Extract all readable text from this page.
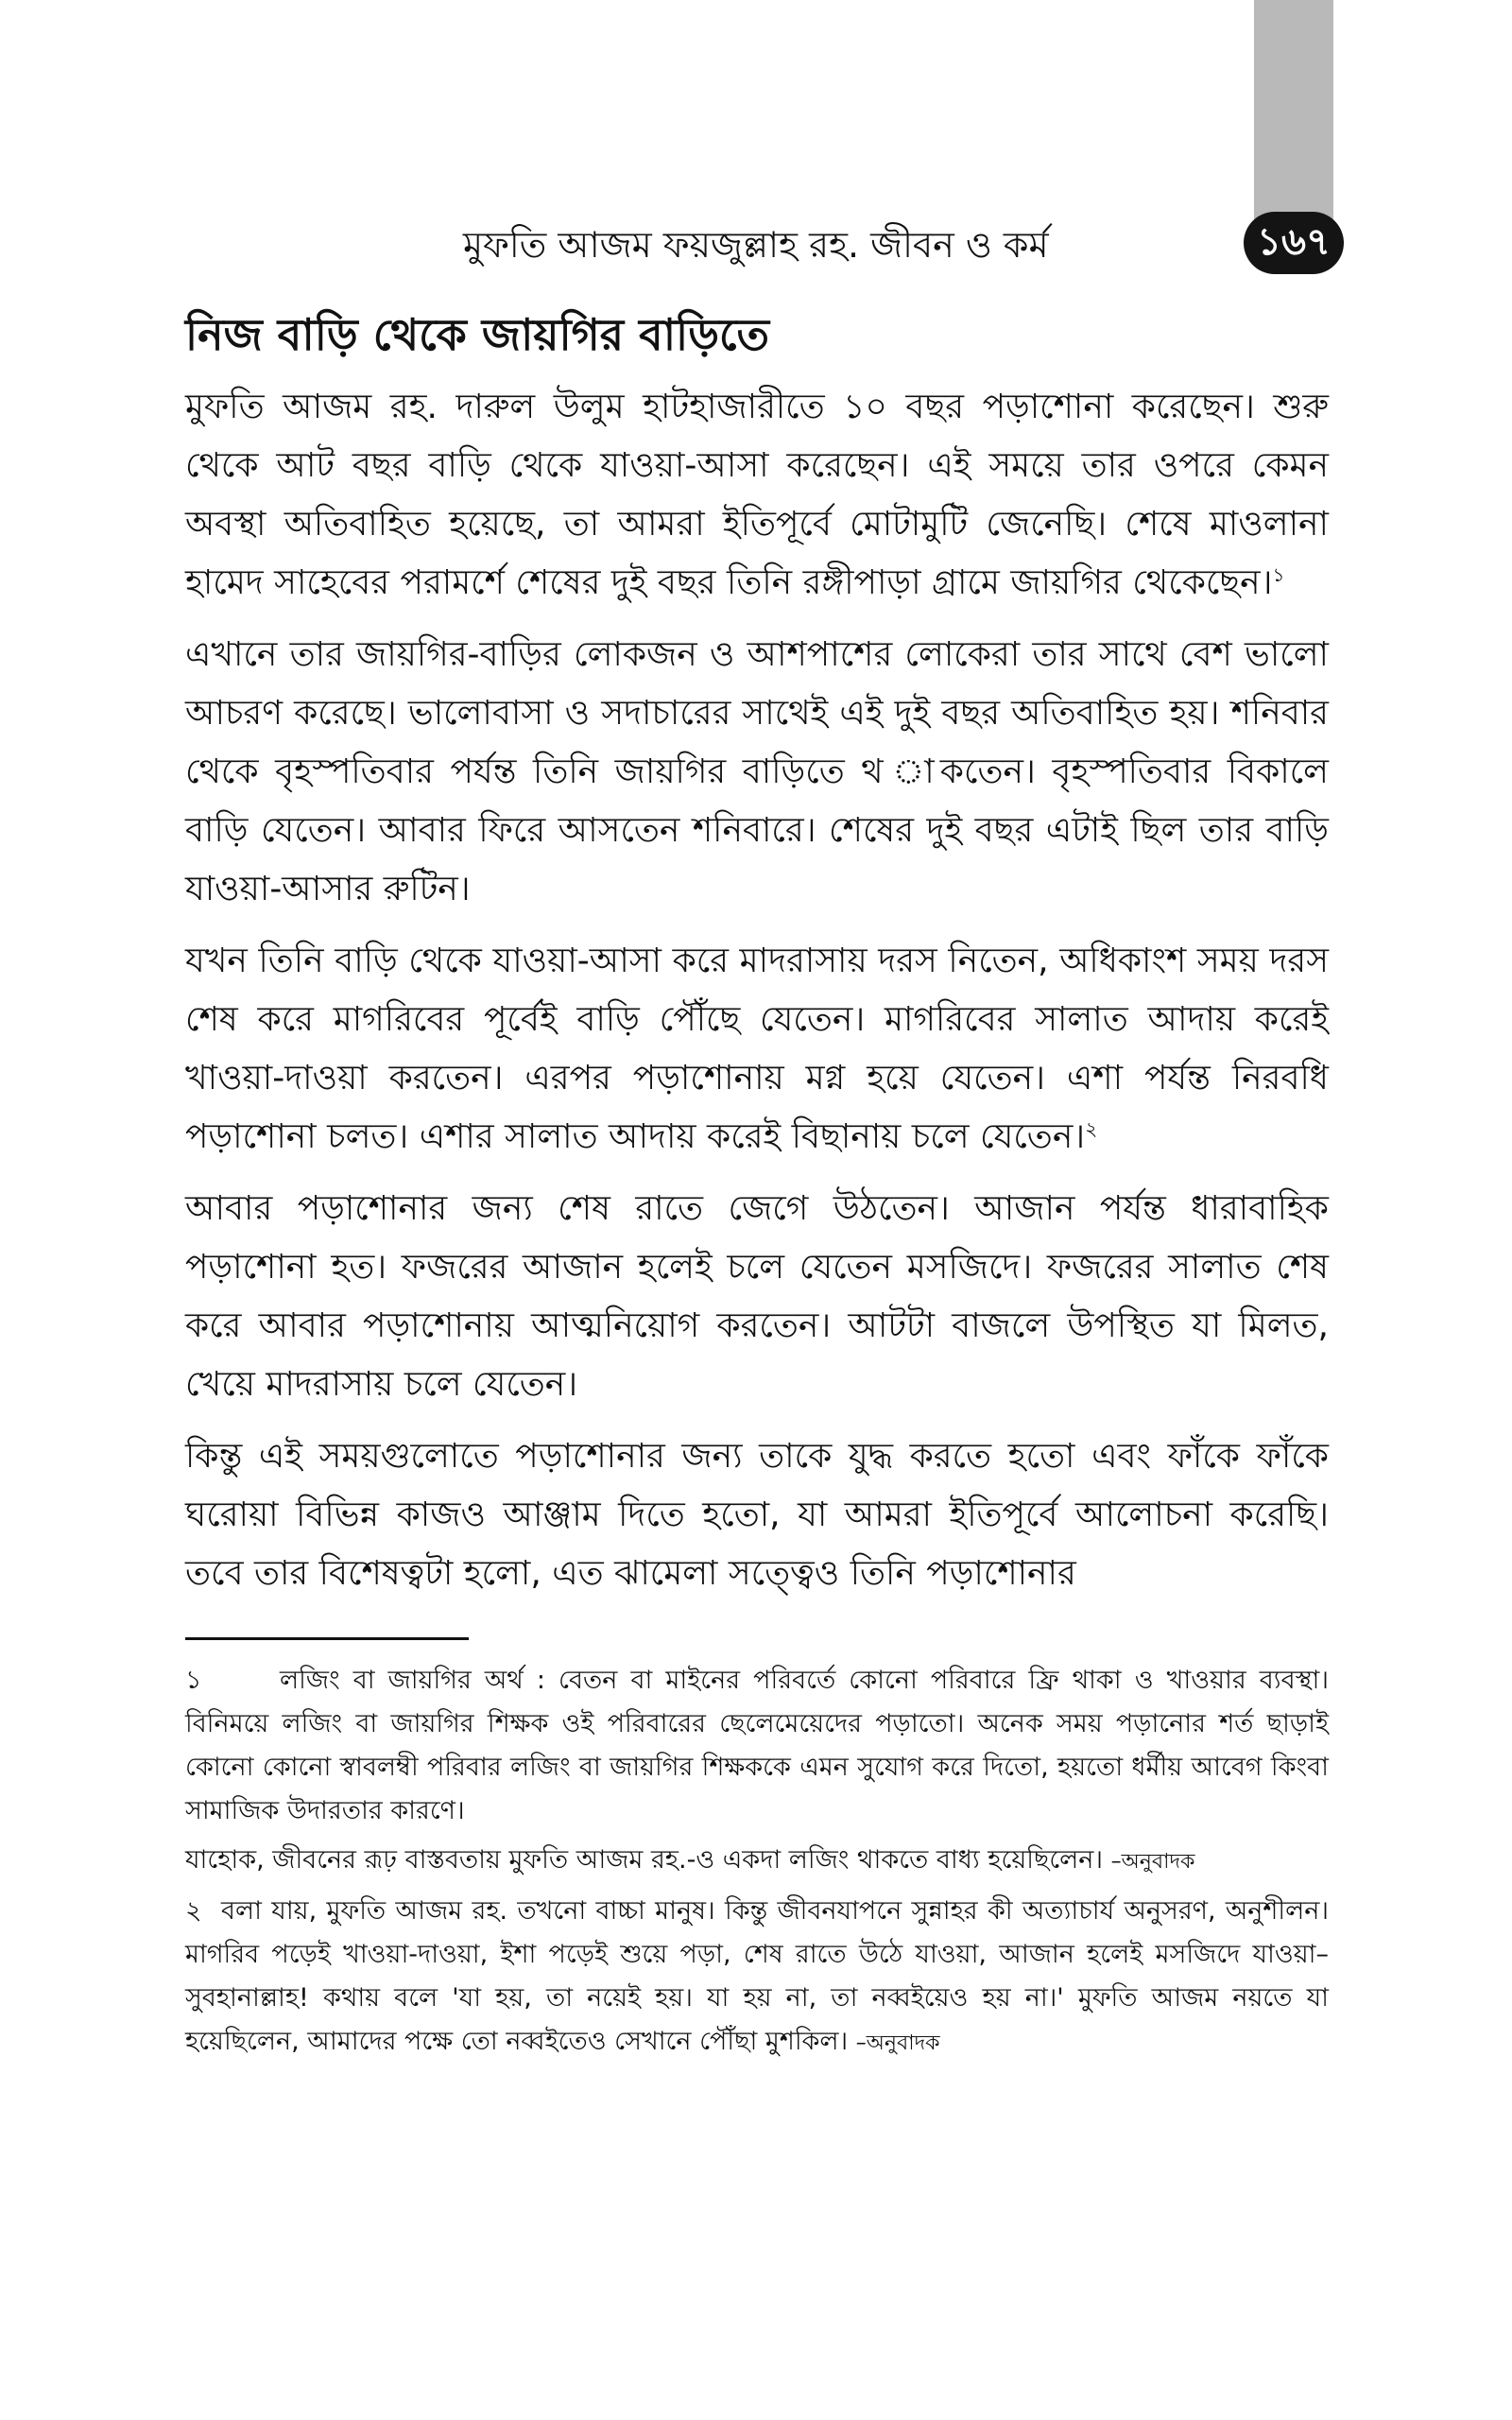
১৬৭
মুফতি আজম ফয়জুল্লাহ রহ. জীবন ও কর্ম
নিজ বাড়ি থেকে জায়গির বাড়িতে

মুফতি আজম রহ. দারুল উলুম হাটহাজারীতে ১০ বছর পড়াশোনা করেছেন। শুরু থেকে আট বছর বাড়ি থেকে যাওয়া-আসা করেছেন। এই সময়ে তার ওপরে কেমন অবস্থা অতিবাহিত হয়েছে, তা আমরা ইতিপূর্বে মোটামুটি জেনেছি। শেষে মাওলানা হামেদ সাহেবের পরামর্শে শেষের দুই বছর তিনি রঙ্গীপাড়া গ্রামে জায়গির থেকেছেন।$^১$

এখানে তার জায়গির-বাড়ির লোকজন ও আশপাশের লোকেরা তার সাথে বেশ ভালো আচরণ করেছে। ভালোবাসা ও সদাচারের সাথেই এই দুই বছর অতিবাহিত হয়। শনিবার থেকে বৃহস্পতিবার পর্যন্ত তিনি জায়গির বাড়িতে থ াকতেন। বৃহস্পতিবার বিকালে বাড়ি যেতেন। আবার ফিরে আসতেন শনিবারে। শেষের দুই বছর এটাই ছিল তার বাড়ি যাওয়া-আসার রুটিন।

যখন তিনি বাড়ি থেকে যাওয়া-আসা করে মাদরাসায় দরস নিতেন, অধিকাংশ সময় দরস শেষ করে মাগরিবের পূর্বেই বাড়ি পৌঁছে যেতেন। মাগরিবের সালাত আদায় করেই খাওয়া-দাওয়া করতেন। এরপর পড়াশোনায় মগ্ন হয়ে যেতেন। এশা পর্যন্ত নিরবধি পড়াশোনা চলত। এশার সালাত আদায় করেই বিছানায় চলে যেতেন।$^২$

আবার পড়াশোনার জন্য শেষ রাতে জেগে উঠতেন। আজান পর্যন্ত ধারাবাহিক পড়াশোনা হত। ফজরের আজান হলেই চলে যেতেন মসজিদে। ফজরের সালাত শেষ করে আবার পড়াশোনায় আত্মনিয়োগ করতেন। আটটা বাজলে উপস্থিত যা মিলত, খেয়ে মাদরাসায় চলে যেতেন।

কিন্তু এই সময়গুলোতে পড়াশোনার জন্য তাকে যুদ্ধ করতে হতো এবং ফাঁকে ফাঁকে ঘরোয়া বিভিন্ন কাজও আঞ্জাম দিতে হতো, যা আমরা ইতিপূর্বে আলোচনা করেছি। তবে তার বিশেষত্বটা হলো, এত ঝামেলা সত্ত্বেও তিনি পড়াশোনার

১	লজিং বা জায়গির অর্থ : বেতন বা মাইনের পরিবর্তে কোনো পরিবারে ফ্রি থাকা ও খাওয়ার ব্যবস্থা। বিনিময়ে লজিং বা জায়গির শিক্ষক ওই পরিবারের ছেলেমেয়েদের পড়াতো। অনেক সময় পড়ানোর শর্ত ছাড়াই কোনো কোনো স্বাবলম্বী পরিবার লজিং বা জায়গির শিক্ষককে এমন সুযোগ করে দিতো, হয়তো ধর্মীয় আবেগ কিংবা সামাজিক উদারতার কারণে।

যাহোক, জীবনের রূঢ় বাস্তবতায় মুফতি আজম রহ.-ও একদা লজিং থাকতে বাধ্য হয়েছিলেন। –অনুবাদক

২ বলা যায়, মুফতি আজম রহ. তখনো বাচ্চা মানুষ। কিন্তু জীবনযাপনে সুন্নাহর কী অত্যাচার্য অনুসরণ, অনুশীলন। মাগরিব পড়েই খাওয়া-দাওয়া, ইশা পড়েই শুয়ে পড়া, শেষ রাতে উঠে যাওয়া, আজান হলেই মসজিদে যাওয়া–সুবহানাল্লাহ! কথায় বলে 'যা হয়, তা নয়েই হয়। যা হয় না, তা নব্বইয়েও হয় না।' মুফতি আজম নয়তে যা হয়েছিলেন, আমাদের পক্ষে তো নব্বইতেও সেখানে পৌঁছা মুশকিল। –অনুবাদক
